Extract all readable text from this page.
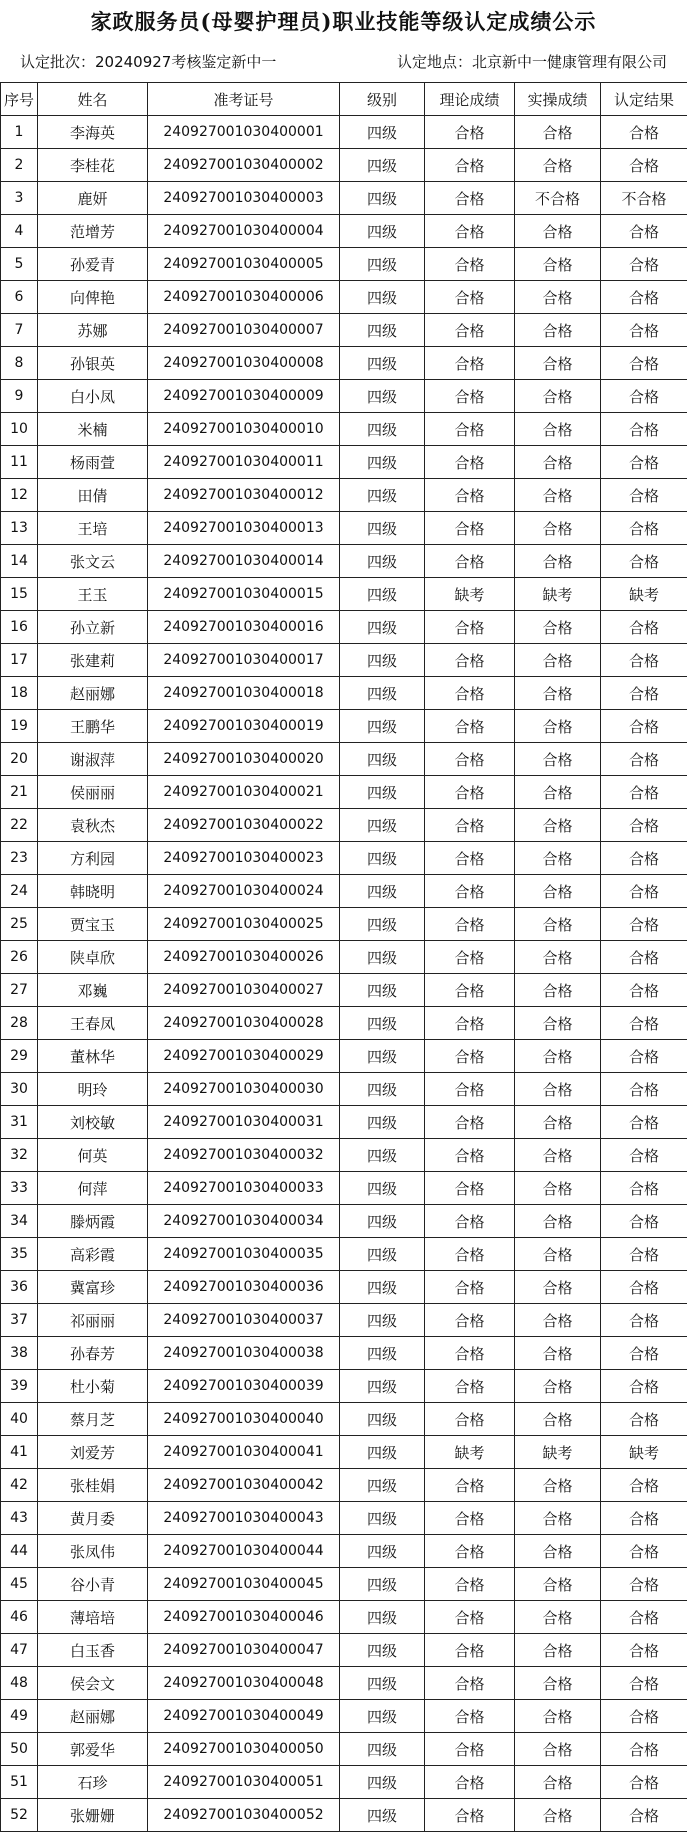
家政服务员(母婴护理员)职业技能等级认定成绩公示
认定批次：20240927考核鉴定新中一	认定地点：北京新中一健康管理有限公司
序号	姓名	准考证号	级别	理论成绩	实操成绩	认定结果
1	李海英	240927001030400001	四级	合格	合格	合格
2	李桂花	240927001030400002	四级	合格	合格	合格
3	鹿妍	240927001030400003	四级	合格	不合格	不合格
4	范增芳	240927001030400004	四级	合格	合格	合格
5	孙爱青	240927001030400005	四级	合格	合格	合格
6	向俾艳	240927001030400006	四级	合格	合格	合格
7	苏娜	240927001030400007	四级	合格	合格	合格
8	孙银英	240927001030400008	四级	合格	合格	合格
9	白小凤	240927001030400009	四级	合格	合格	合格
10	米楠	240927001030400010	四级	合格	合格	合格
11	杨雨萱	240927001030400011	四级	合格	合格	合格
12	田倩	240927001030400012	四级	合格	合格	合格
13	王培	240927001030400013	四级	合格	合格	合格
14	张文云	240927001030400014	四级	合格	合格	合格
15	王玉	240927001030400015	四级	缺考	缺考	缺考
16	孙立新	240927001030400016	四级	合格	合格	合格
17	张建莉	240927001030400017	四级	合格	合格	合格
18	赵丽娜	240927001030400018	四级	合格	合格	合格
19	王鹏华	240927001030400019	四级	合格	合格	合格
20	谢淑萍	240927001030400020	四级	合格	合格	合格
21	侯丽丽	240927001030400021	四级	合格	合格	合格
22	袁秋杰	240927001030400022	四级	合格	合格	合格
23	方利园	240927001030400023	四级	合格	合格	合格
24	韩晓明	240927001030400024	四级	合格	合格	合格
25	贾宝玉	240927001030400025	四级	合格	合格	合格
26	陕卓欣	240927001030400026	四级	合格	合格	合格
27	邓巍	240927001030400027	四级	合格	合格	合格
28	王春凤	240927001030400028	四级	合格	合格	合格
29	董林华	240927001030400029	四级	合格	合格	合格
30	明玲	240927001030400030	四级	合格	合格	合格
31	刘校敏	240927001030400031	四级	合格	合格	合格
32	何英	240927001030400032	四级	合格	合格	合格
33	何萍	240927001030400033	四级	合格	合格	合格
34	滕炳霞	240927001030400034	四级	合格	合格	合格
35	高彩霞	240927001030400035	四级	合格	合格	合格
36	冀富珍	240927001030400036	四级	合格	合格	合格
37	祁丽丽	240927001030400037	四级	合格	合格	合格
38	孙春芳	240927001030400038	四级	合格	合格	合格
39	杜小菊	240927001030400039	四级	合格	合格	合格
40	蔡月芝	240927001030400040	四级	合格	合格	合格
41	刘爱芳	240927001030400041	四级	缺考	缺考	缺考
42	张桂娟	240927001030400042	四级	合格	合格	合格
43	黄月委	240927001030400043	四级	合格	合格	合格
44	张凤伟	240927001030400044	四级	合格	合格	合格
45	谷小青	240927001030400045	四级	合格	合格	合格
46	薄培培	240927001030400046	四级	合格	合格	合格
47	白玉香	240927001030400047	四级	合格	合格	合格
48	侯会文	240927001030400048	四级	合格	合格	合格
49	赵丽娜	240927001030400049	四级	合格	合格	合格
50	郭爱华	240927001030400050	四级	合格	合格	合格
51	石珍	240927001030400051	四级	合格	合格	合格
52	张姗姗	240927001030400052	四级	合格	合格	合格
